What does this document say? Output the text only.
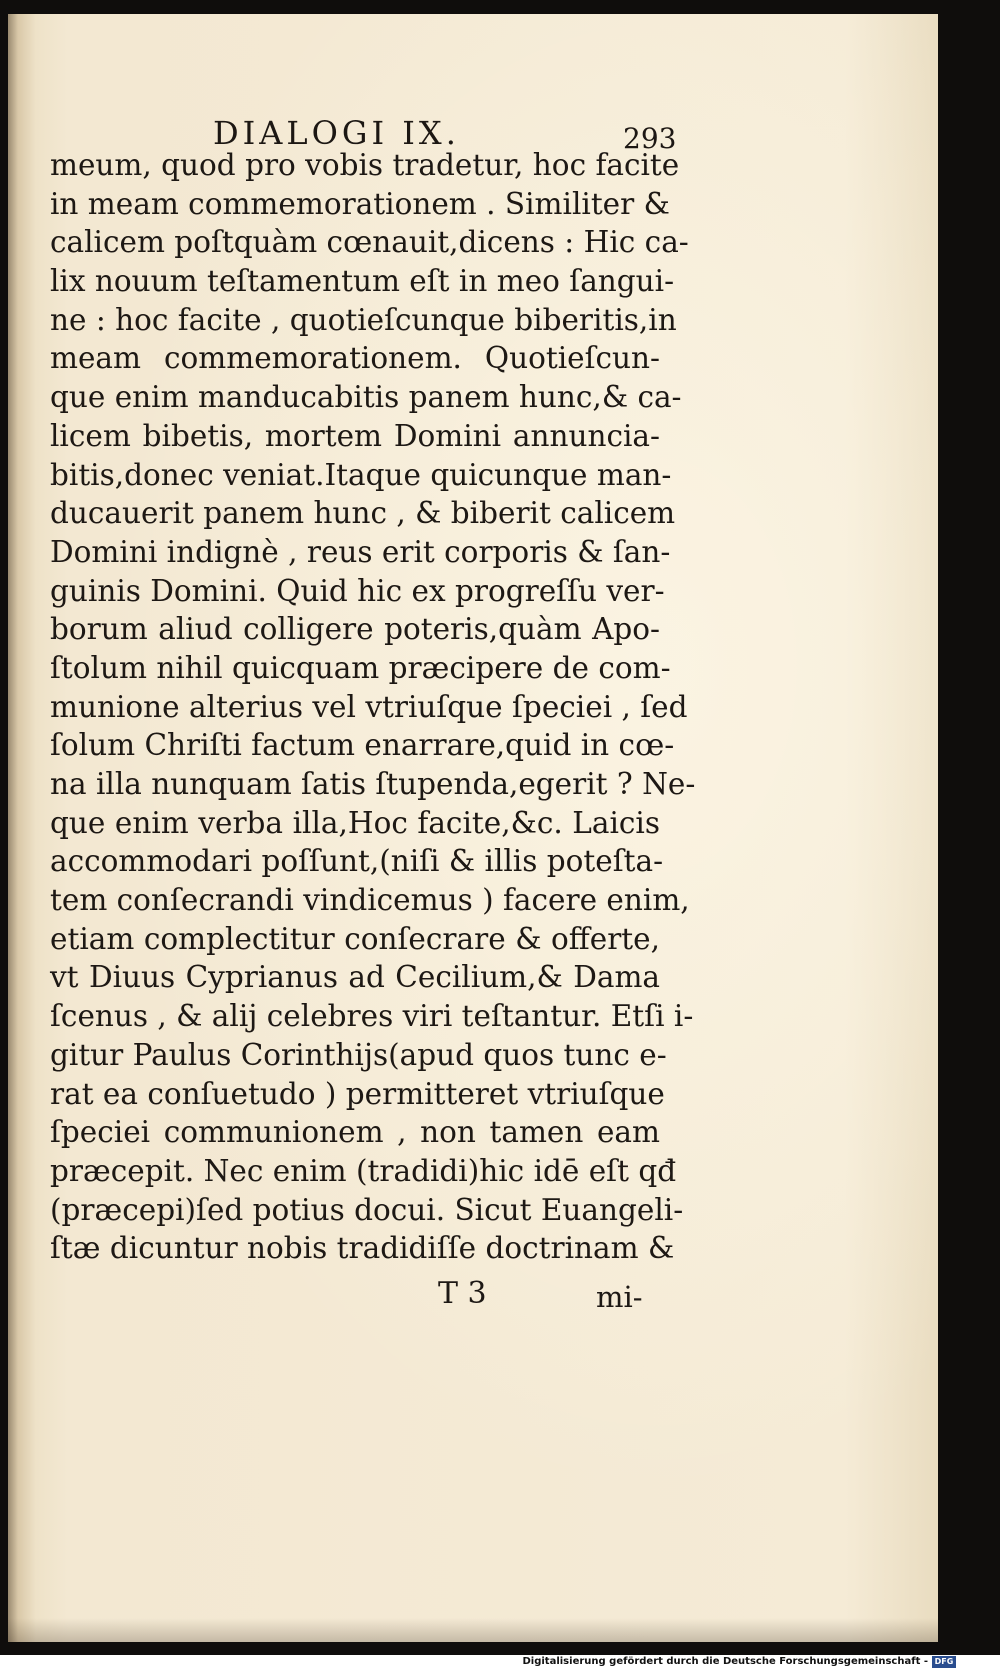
DIALOGI IX.	293
meum, quod pro vobis tradetur, hoc facite
in meam commemorationem . Similiter &
calicem poſtquàm cœnauit,dicens : Hic ca-
lix nouum teſtamentum eſt in meo ſangui-
ne : hoc facite , quotieſcunque biberitis,in
meam commemorationem. Quotieſcun-
que enim manducabitis panem hunc,& ca-
licem bibetis, mortem Domini annuncia-
bitis,donec veniat.Itaque quicunque man-
ducauerit panem hunc , & biberit calicem
Domini indignè , reus erit corporis & ſan-
guinis Domini. Quid hic ex progreſſu ver-
borum aliud colligere poteris,quàm Apo-
ſtolum nihil quicquam præcipere de com-
munione alterius vel vtriuſque ſpeciei , ſed
ſolum Chriſti factum enarrare,quid in cœ-
na illa nunquam ſatis ſtupenda,egerit ? Ne-
que enim verba illa,Hoc facite,&c. Laicis
accommodari poſſunt,(niſi & illis poteſta-
tem conſecrandi vindicemus ) facere enim,
etiam complectitur conſecrare & offerte,
vt Diuus Cyprianus ad Cecilium,& Dama
ſcenus , & alij celebres viri teſtantur. Etſi i-
gitur Paulus Corinthijs(apud quos tunc e-
rat ea conſuetudo ) permitteret vtriuſque
ſpeciei communionem , non tamen eam
præcepit. Nec enim (tradidi)hic idē eſt qđ
(præcepi)ſed potius docui. Sicut Euangeli-
ſtæ dicuntur nobis tradidiſſe doctrinam &
T 3	mi-
Digitalisierung gefördert durch die Deutsche Forschungsgemeinschaft - DFG
